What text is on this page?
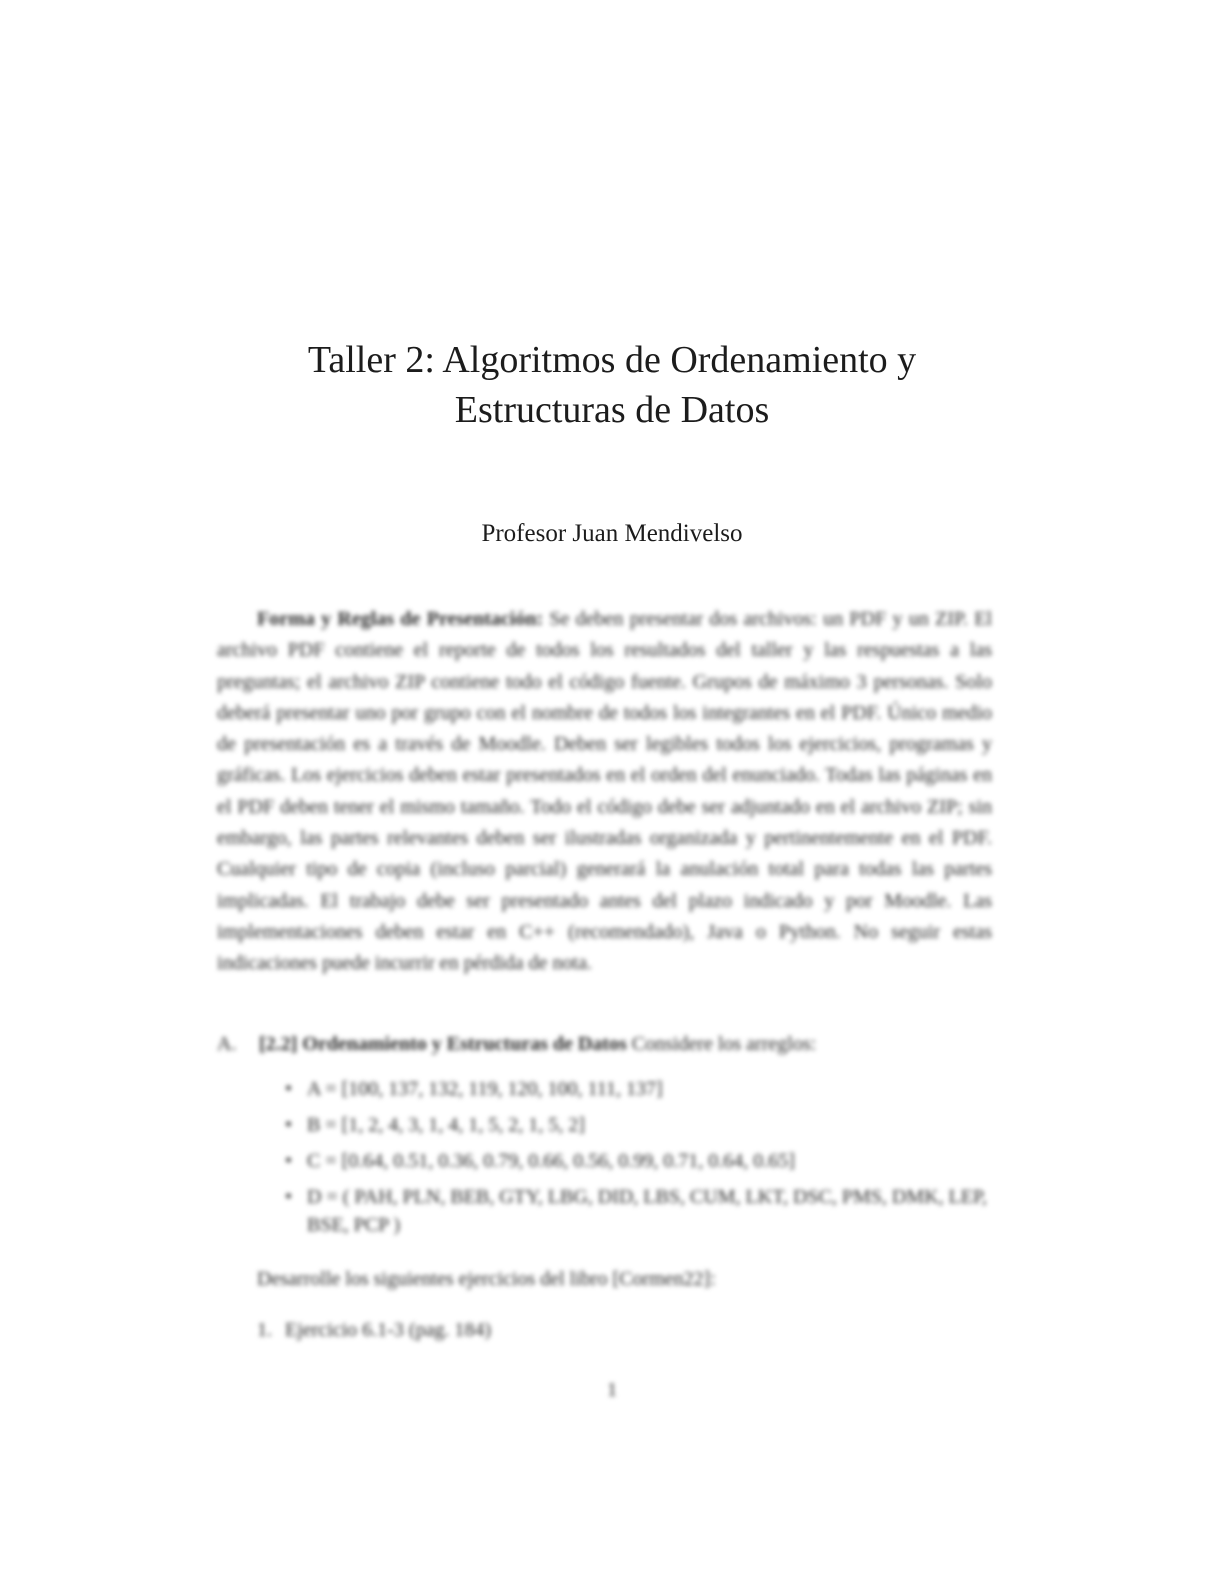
Taller 2: Algoritmos de Ordenamiento y
Estructuras de Datos

Profesor Juan Mendivelso

Forma y Reglas de Presentación: Se deben presentar dos archivos: un PDF y un ZIP. El archivo PDF contiene el reporte de todos los resultados del taller y las respuestas a las preguntas; el archivo ZIP contiene todo el código fuente. Grupos de máximo 3 personas. Solo deberá presentar uno por grupo con el nombre de todos los integrantes en el PDF. Único medio de presentación es a través de Moodle. Deben ser legibles todos los ejercicios, programas y gráficas. Los ejercicios deben estar presentados en el orden del enunciado. Todas las páginas en el PDF deben tener el mismo tamaño. Todo el código debe ser adjuntado en el archivo ZIP; sin embargo, las partes relevantes deben ser ilustradas organizada y pertinentemente en el PDF. Cualquier tipo de copia (incluso parcial) generará la anulación total para todas las partes implicadas. El trabajo debe ser presentado antes del plazo indicado y por Moodle. Las implementaciones deben estar en C++ (recomendado), Java o Python. No seguir estas indicaciones puede incurrir en pérdida de nota.

A. [2.2] Ordenamiento y Estructuras de Datos Considere los arreglos:

• A = [100, 137, 132, 119, 120, 100, 111, 137]
• B = [1, 2, 4, 3, 1, 4, 1, 5, 2, 1, 5, 2]
• C = [0.64, 0.51, 0.36, 0.79, 0.66, 0.56, 0.99, 0.71, 0.64, 0.65]
• D = ( PAH, PLN, BEB, GTY, LBG, DID, LBS, CUM, LKT, DSC, PMS, DMK, LEP, BSE, PCP )

Desarrolle los siguientes ejercicios del libro [Cormen22]:

1. Ejercicio 6.1-3 (pag. 184)

1
